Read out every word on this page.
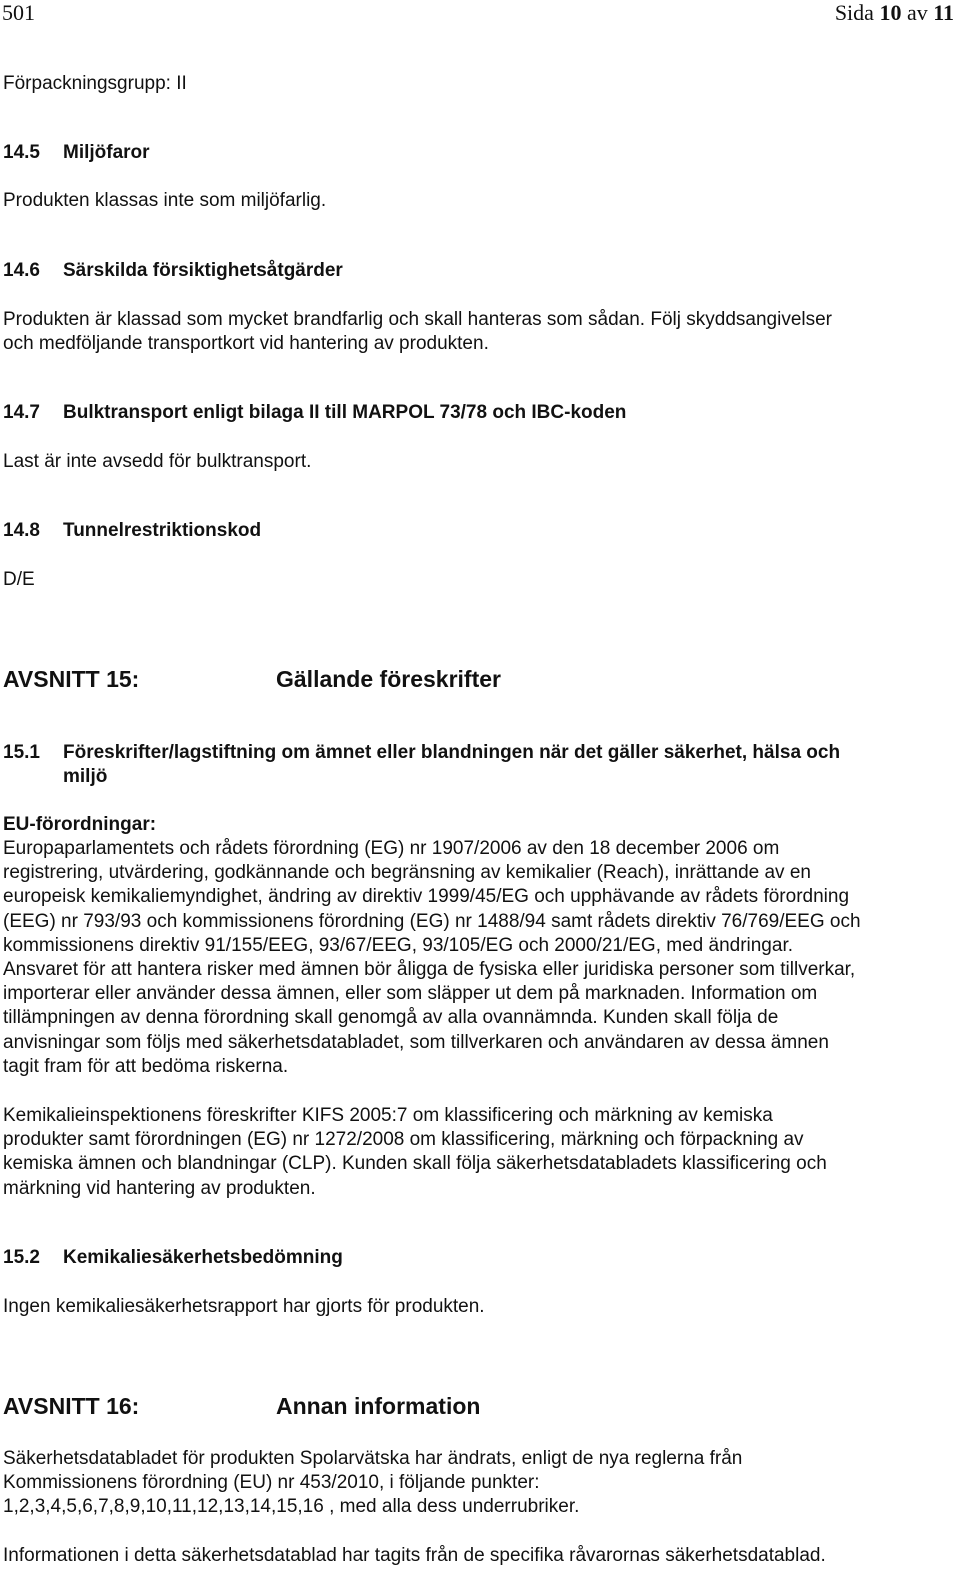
501	Sida 10 av 11
Förpackningsgrupp: II
14.5 Miljöfaror
Produkten klassas inte som miljöfarlig.
14.6 Särskilda försiktighetsåtgärder
Produkten är klassad som mycket brandfarlig och skall hanteras som sådan. Följ skyddsangivelser
och medföljande transportkort vid hantering av produkten.
14.7 Bulktransport enligt bilaga II till MARPOL 73/78 och IBC-koden
Last är inte avsedd för bulktransport.
14.8 Tunnelrestriktionskod
D/E
AVSNITT 15:	Gällande föreskrifter
15.1 Föreskrifter/lagstiftning om ämnet eller blandningen när det gäller säkerhet, hälsa och
miljö
EU-förordningar:
Europaparlamentets och rådets förordning (EG) nr 1907/2006 av den 18 december 2006 om
registrering, utvärdering, godkännande och begränsning av kemikalier (Reach), inrättande av en
europeisk kemikaliemyndighet, ändring av direktiv 1999/45/EG och upphävande av rådets förordning
(EEG) nr 793/93 och kommissionens förordning (EG) nr 1488/94 samt rådets direktiv 76/769/EEG och
kommissionens direktiv 91/155/EEG, 93/67/EEG, 93/105/EG och 2000/21/EG, med ändringar.
Ansvaret för att hantera risker med ämnen bör åligga de fysiska eller juridiska personer som tillverkar,
importerar eller använder dessa ämnen, eller som släpper ut dem på marknaden. Information om
tillämpningen av denna förordning skall genomgå av alla ovannämnda. Kunden skall följa de
anvisningar som följs med säkerhetsdatabladet, som tillverkaren och användaren av dessa ämnen
tagit fram för att bedöma riskerna.
Kemikalieinspektionens föreskrifter KIFS 2005:7 om klassificering och märkning av kemiska
produkter samt förordningen (EG) nr 1272/2008 om klassificering, märkning och förpackning av
kemiska ämnen och blandningar (CLP). Kunden skall följa säkerhetsdatabladets klassificering och
märkning vid hantering av produkten.
15.2 Kemikaliesäkerhetsbedömning
Ingen kemikaliesäkerhetsrapport har gjorts för produkten.
AVSNITT 16:	Annan information
Säkerhetsdatabladet för produkten Spolarvätska har ändrats, enligt de nya reglerna från
Kommissionens förordning (EU) nr 453/2010, i följande punkter:
1,2,3,4,5,6,7,8,9,10,11,12,13,14,15,16 , med alla dess underrubriker.
Informationen i detta säkerhetsdatablad har tagits från de specifika råvarornas säkerhetsdatablad.
